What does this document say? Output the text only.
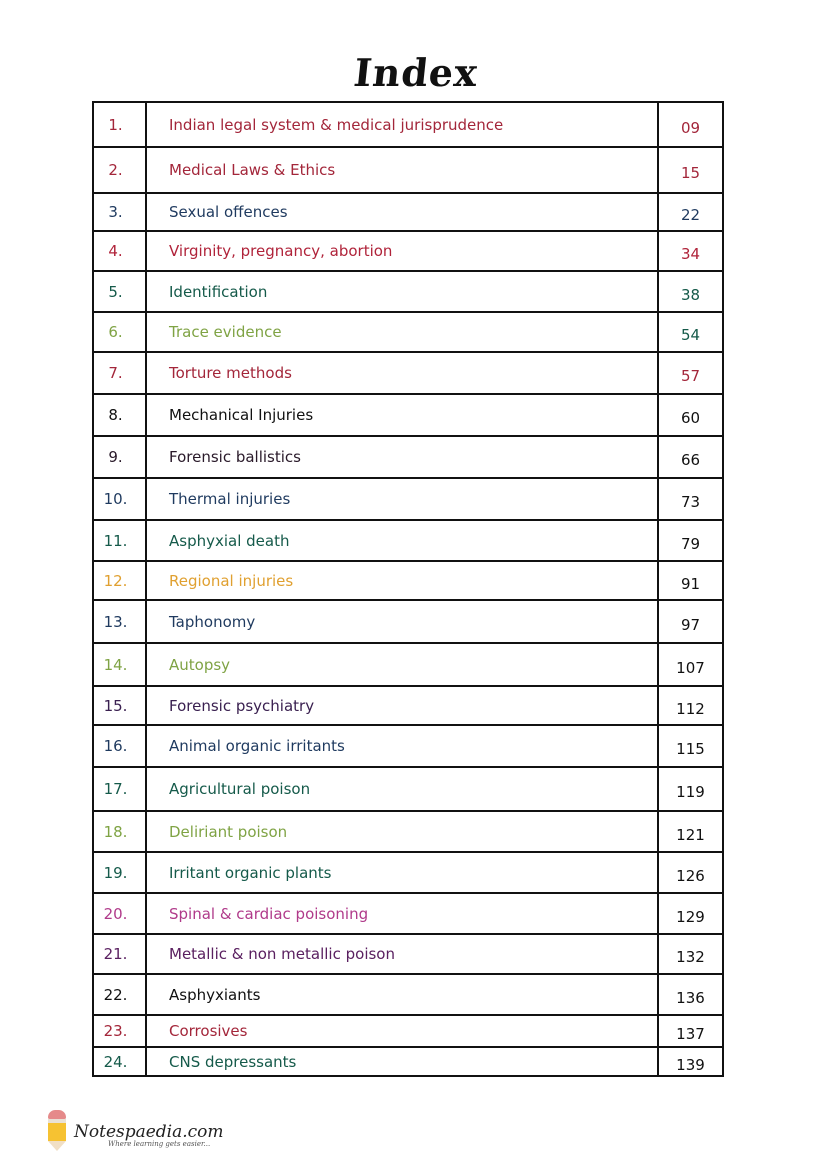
Index
1.	Indian legal system & medical jurisprudence	09
2.	Medical Laws & Ethics	15
3.	Sexual offences	22
4.	Virginity, pregnancy, abortion	34
5.	Identification	38
6.	Trace evidence	54
7.	Torture methods	57
8.	Mechanical Injuries	60
9.	Forensic ballistics	66
10.	Thermal injuries	73
11.	Asphyxial death	79
12.	Regional injuries	91
13.	Taphonomy	97
14.	Autopsy	107
15.	Forensic psychiatry	112
16.	Animal organic irritants	115
17.	Agricultural poison	119
18.	Deliriant poison	121
19.	Irritant organic plants	126
20.	Spinal & cardiac poisoning	129
21.	Metallic & non metallic poison	132
22.	Asphyxiants	136
23.	Corrosives	137
24.	CNS depressants	139
Notespaedia.com
Where learning gets easier...
